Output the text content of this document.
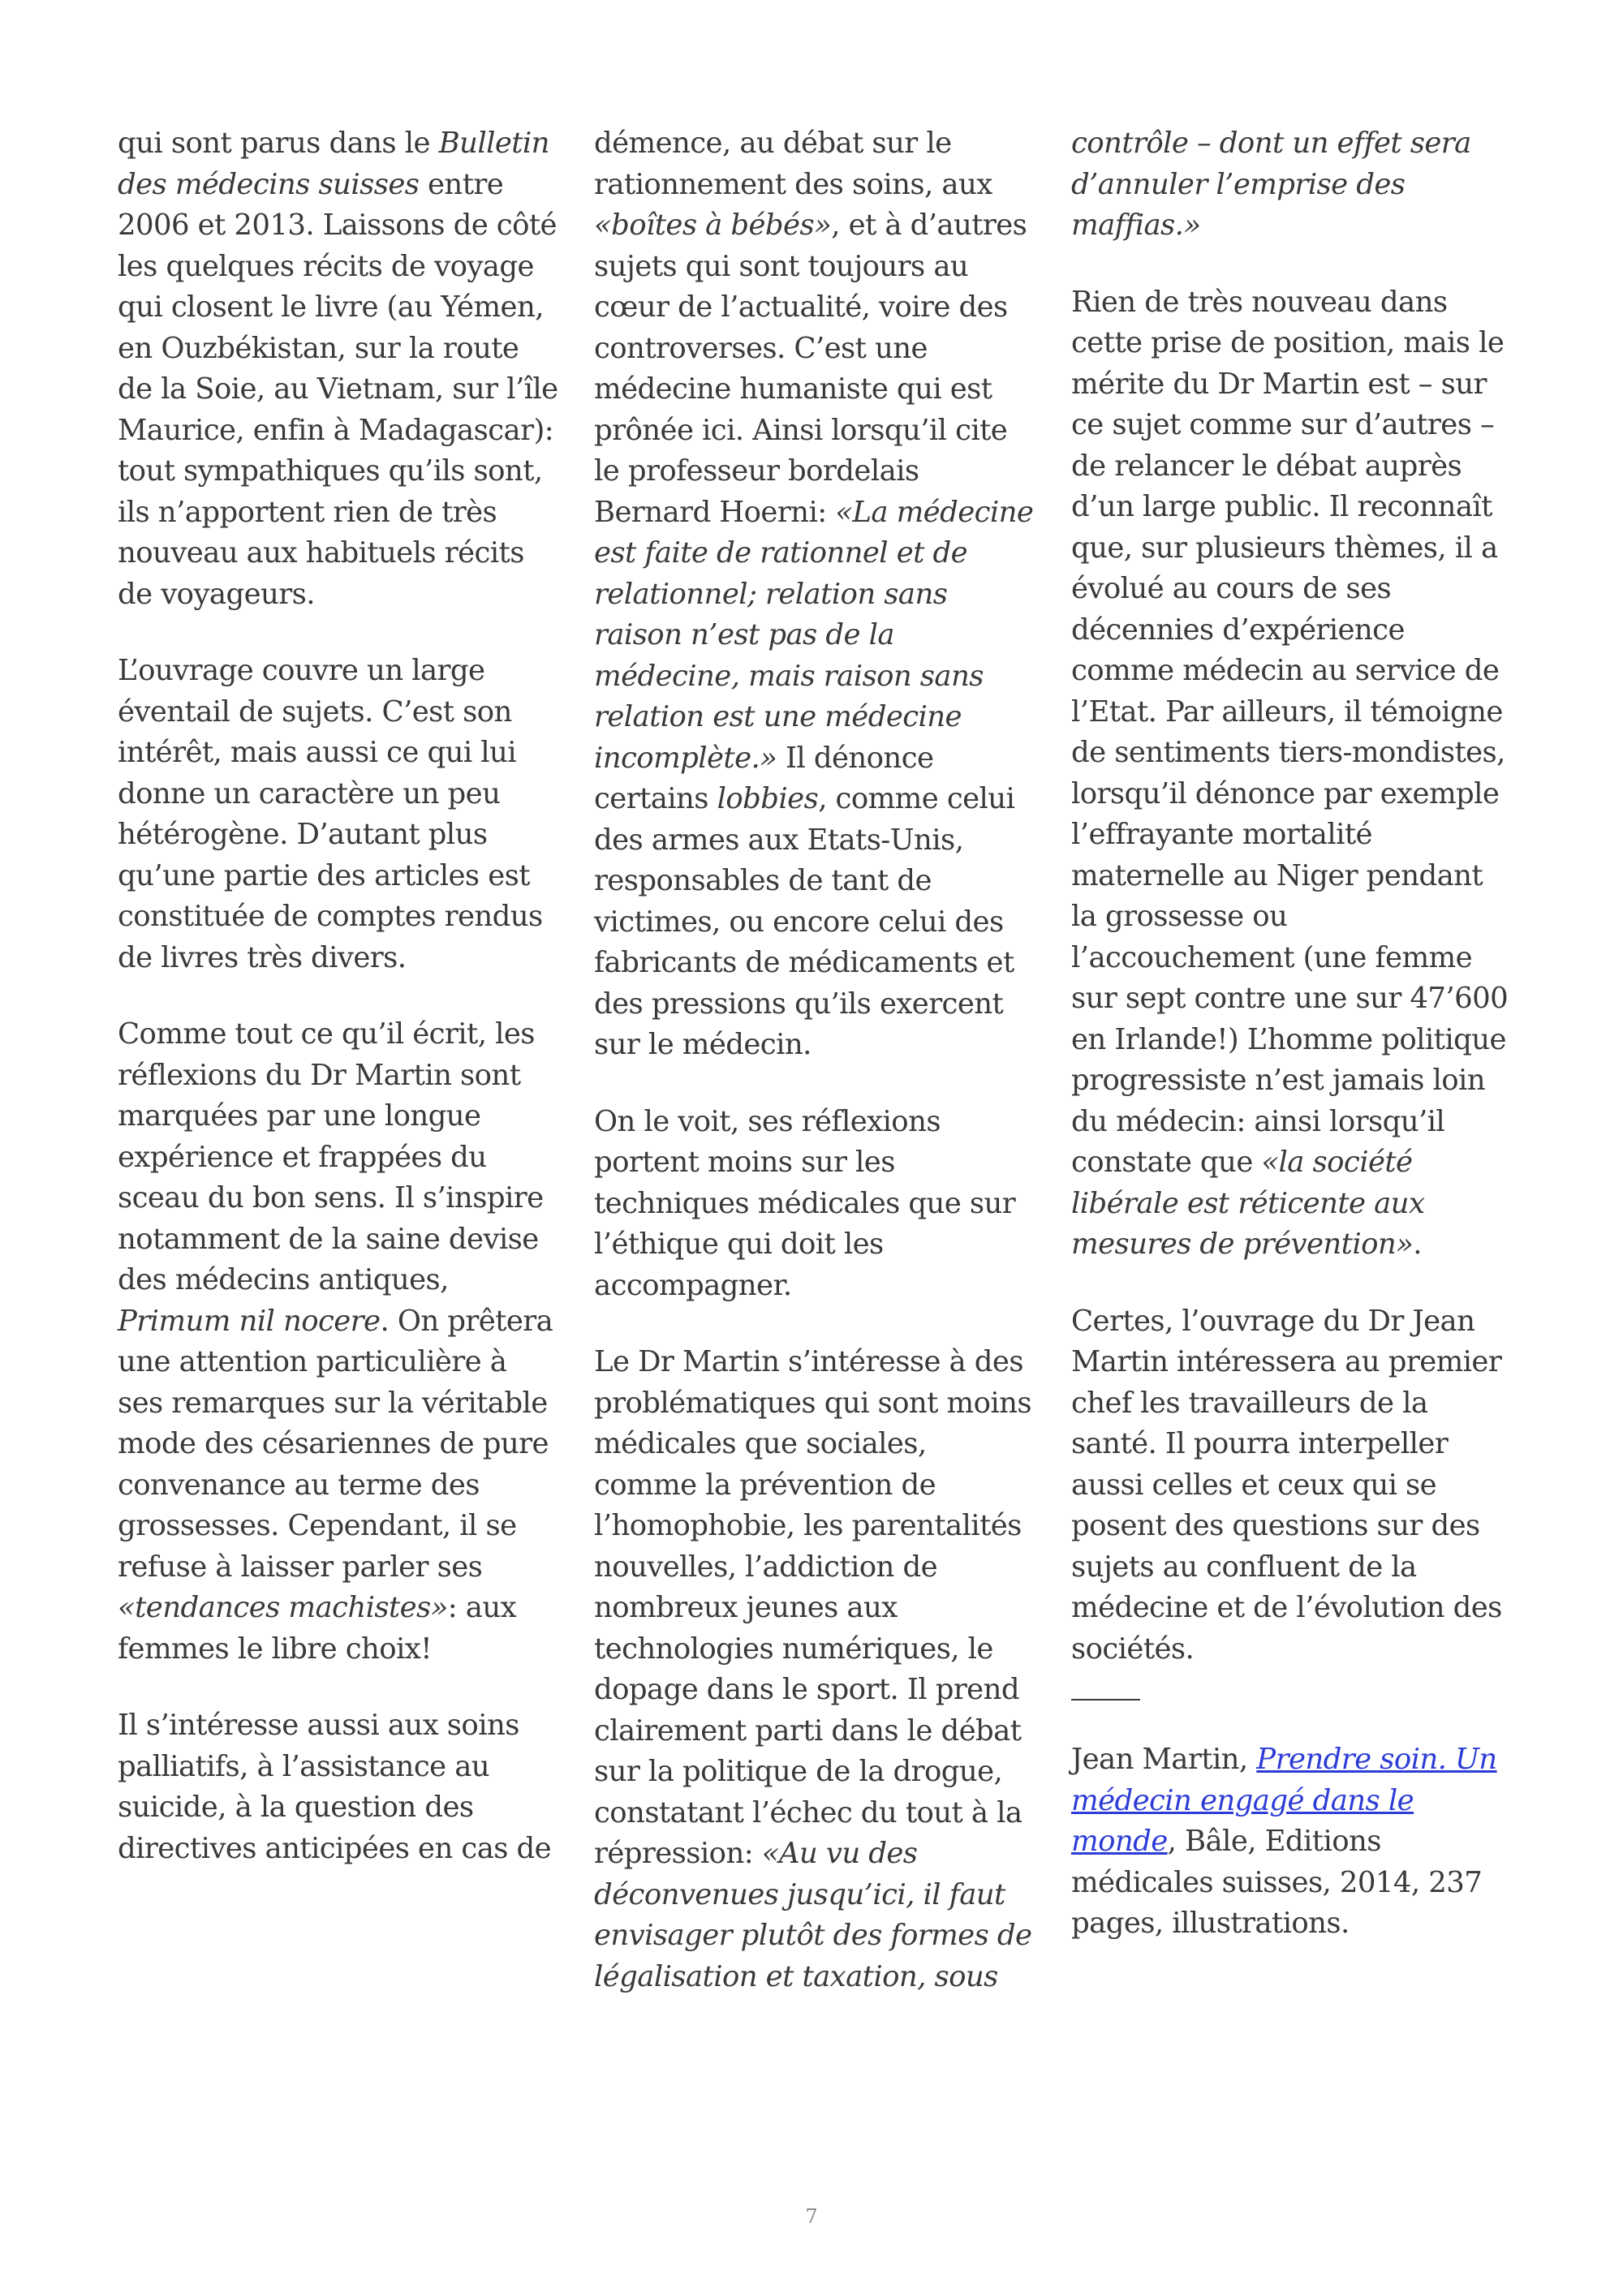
qui sont parus dans le Bulletin des médecins suisses entre 2006 et 2013. Laissons de côté les quelques récits de voyage qui closent le livre (au Yémen, en Ouzbékistan, sur la route de la Soie, au Vietnam, sur l’île Maurice, enfin à Madagascar): tout sympathiques qu’ils sont, ils n’apportent rien de très nouveau aux habituels récits de voyageurs.

L’ouvrage couvre un large éventail de sujets. C’est son intérêt, mais aussi ce qui lui donne un caractère un peu hétérogène. D’autant plus qu’une partie des articles est constituée de comptes rendus de livres très divers.

Comme tout ce qu’il écrit, les réflexions du Dr Martin sont marquées par une longue expérience et frappées du sceau du bon sens. Il s’inspire notamment de la saine devise des médecins antiques, Primum nil nocere. On prêtera une attention particulière à ses remarques sur la véritable mode des césariennes de pure convenance au terme des grossesses. Cependant, il se refuse à laisser parler ses «tendances machistes»: aux femmes le libre choix!

Il s’intéresse aussi aux soins palliatifs, à l’assistance au suicide, à la question des directives anticipées en cas de

démence, au débat sur le rationnement des soins, aux «boîtes à bébés», et à d’autres sujets qui sont toujours au cœur de l’actualité, voire des controverses. C’est une médecine humaniste qui est prônée ici. Ainsi lorsqu’il cite le professeur bordelais Bernard Hoerni: «La médecine est faite de rationnel et de relationnel; relation sans raison n’est pas de la médecine, mais raison sans relation est une médecine incomplète.» Il dénonce certains lobbies, comme celui des armes aux Etats-Unis, responsables de tant de victimes, ou encore celui des fabricants de médicaments et des pressions qu’ils exercent sur le médecin.

On le voit, ses réflexions portent moins sur les techniques médicales que sur l’éthique qui doit les accompagner.

Le Dr Martin s’intéresse à des problématiques qui sont moins médicales que sociales, comme la prévention de l’homophobie, les parentalités nouvelles, l’addiction de nombreux jeunes aux technologies numériques, le dopage dans le sport. Il prend clairement parti dans le débat sur la politique de la drogue, constatant l’échec du tout à la répression: «Au vu des déconvenues jusqu’ici, il faut envisager plutôt des formes de légalisation et taxation, sous

contrôle – dont un effet sera d’annuler l’emprise des maffias.»

Rien de très nouveau dans cette prise de position, mais le mérite du Dr Martin est – sur ce sujet comme sur d’autres – de relancer le débat auprès d’un large public. Il reconnaît que, sur plusieurs thèmes, il a évolué au cours de ses décennies d’expérience comme médecin au service de l’Etat. Par ailleurs, il témoigne de sentiments tiers-mondistes, lorsqu’il dénonce par exemple l’effrayante mortalité maternelle au Niger pendant la grossesse ou l’accouchement (une femme sur sept contre une sur 47’600 en Irlande!) L’homme politique progressiste n’est jamais loin du médecin: ainsi lorsqu’il constate que «la société libérale est réticente aux mesures de prévention».

Certes, l’ouvrage du Dr Jean Martin intéressera au premier chef les travailleurs de la santé. Il pourra interpeller aussi celles et ceux qui se posent des questions sur des sujets au confluent de la médecine et de l’évolution des sociétés.

Jean Martin, Prendre soin. Un médecin engagé dans le monde, Bâle, Editions médicales suisses, 2014, 237 pages, illustrations.

7
